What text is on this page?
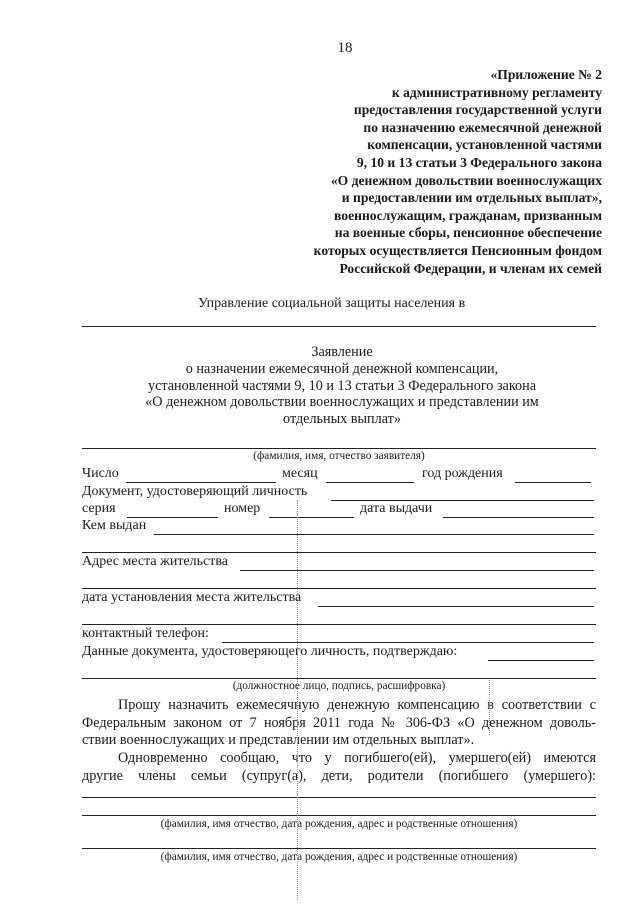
18
«Приложение № 2
к административному регламенту
предоставления государственной услуги
по назначению ежемесячной денежной
компенсации, установленной частями
9, 10 и 13 статьи 3 Федерального закона
«О денежном довольствии военнослужащих
и предоставлении им отдельных выплат»,
военнослужащим, гражданам, призванным
на военные сборы, пенсионное обеспечение
которых осуществляется Пенсионным фондом
Российской Федерации, и членам их семей
Управление социальной защиты населения в
Заявление
о назначении ежемесячной денежной компенсации,
установленной частями 9, 10 и 13 статьи 3 Федерального закона
«О денежном довольствии военнослужащих и представлении им
отдельных выплат»
(фамилия, имя, отчество заявителя)
Число	месяц	год рождения
Документ, удостоверяющий личность
серия	номер	дата выдачи
Кем выдан
Адрес места жительства
дата установления места жительства
контактный телефон:
Данные документа, удостоверяющего личность, подтверждаю:
(должностное лицо, подпись, расшифровка)
Прошу назначить ежемесячную денежную компенсацию в соответствии с
Федеральным законом от 7 ноября 2011 года № 306-ФЗ «О денежном доволь-
ствии военнослужащих и представлении им отдельных выплат».
Одновременно сообщаю, что у погибшего(ей), умершего(ей) имеются
другие члены семьи (супруг(а), дети, родители (погибшего (умершего):
(фамилия, имя отчество, дата рождения, адрес и родственные отношения)
(фамилия, имя отчество, дата рождения, адрес и родственные отношения)
